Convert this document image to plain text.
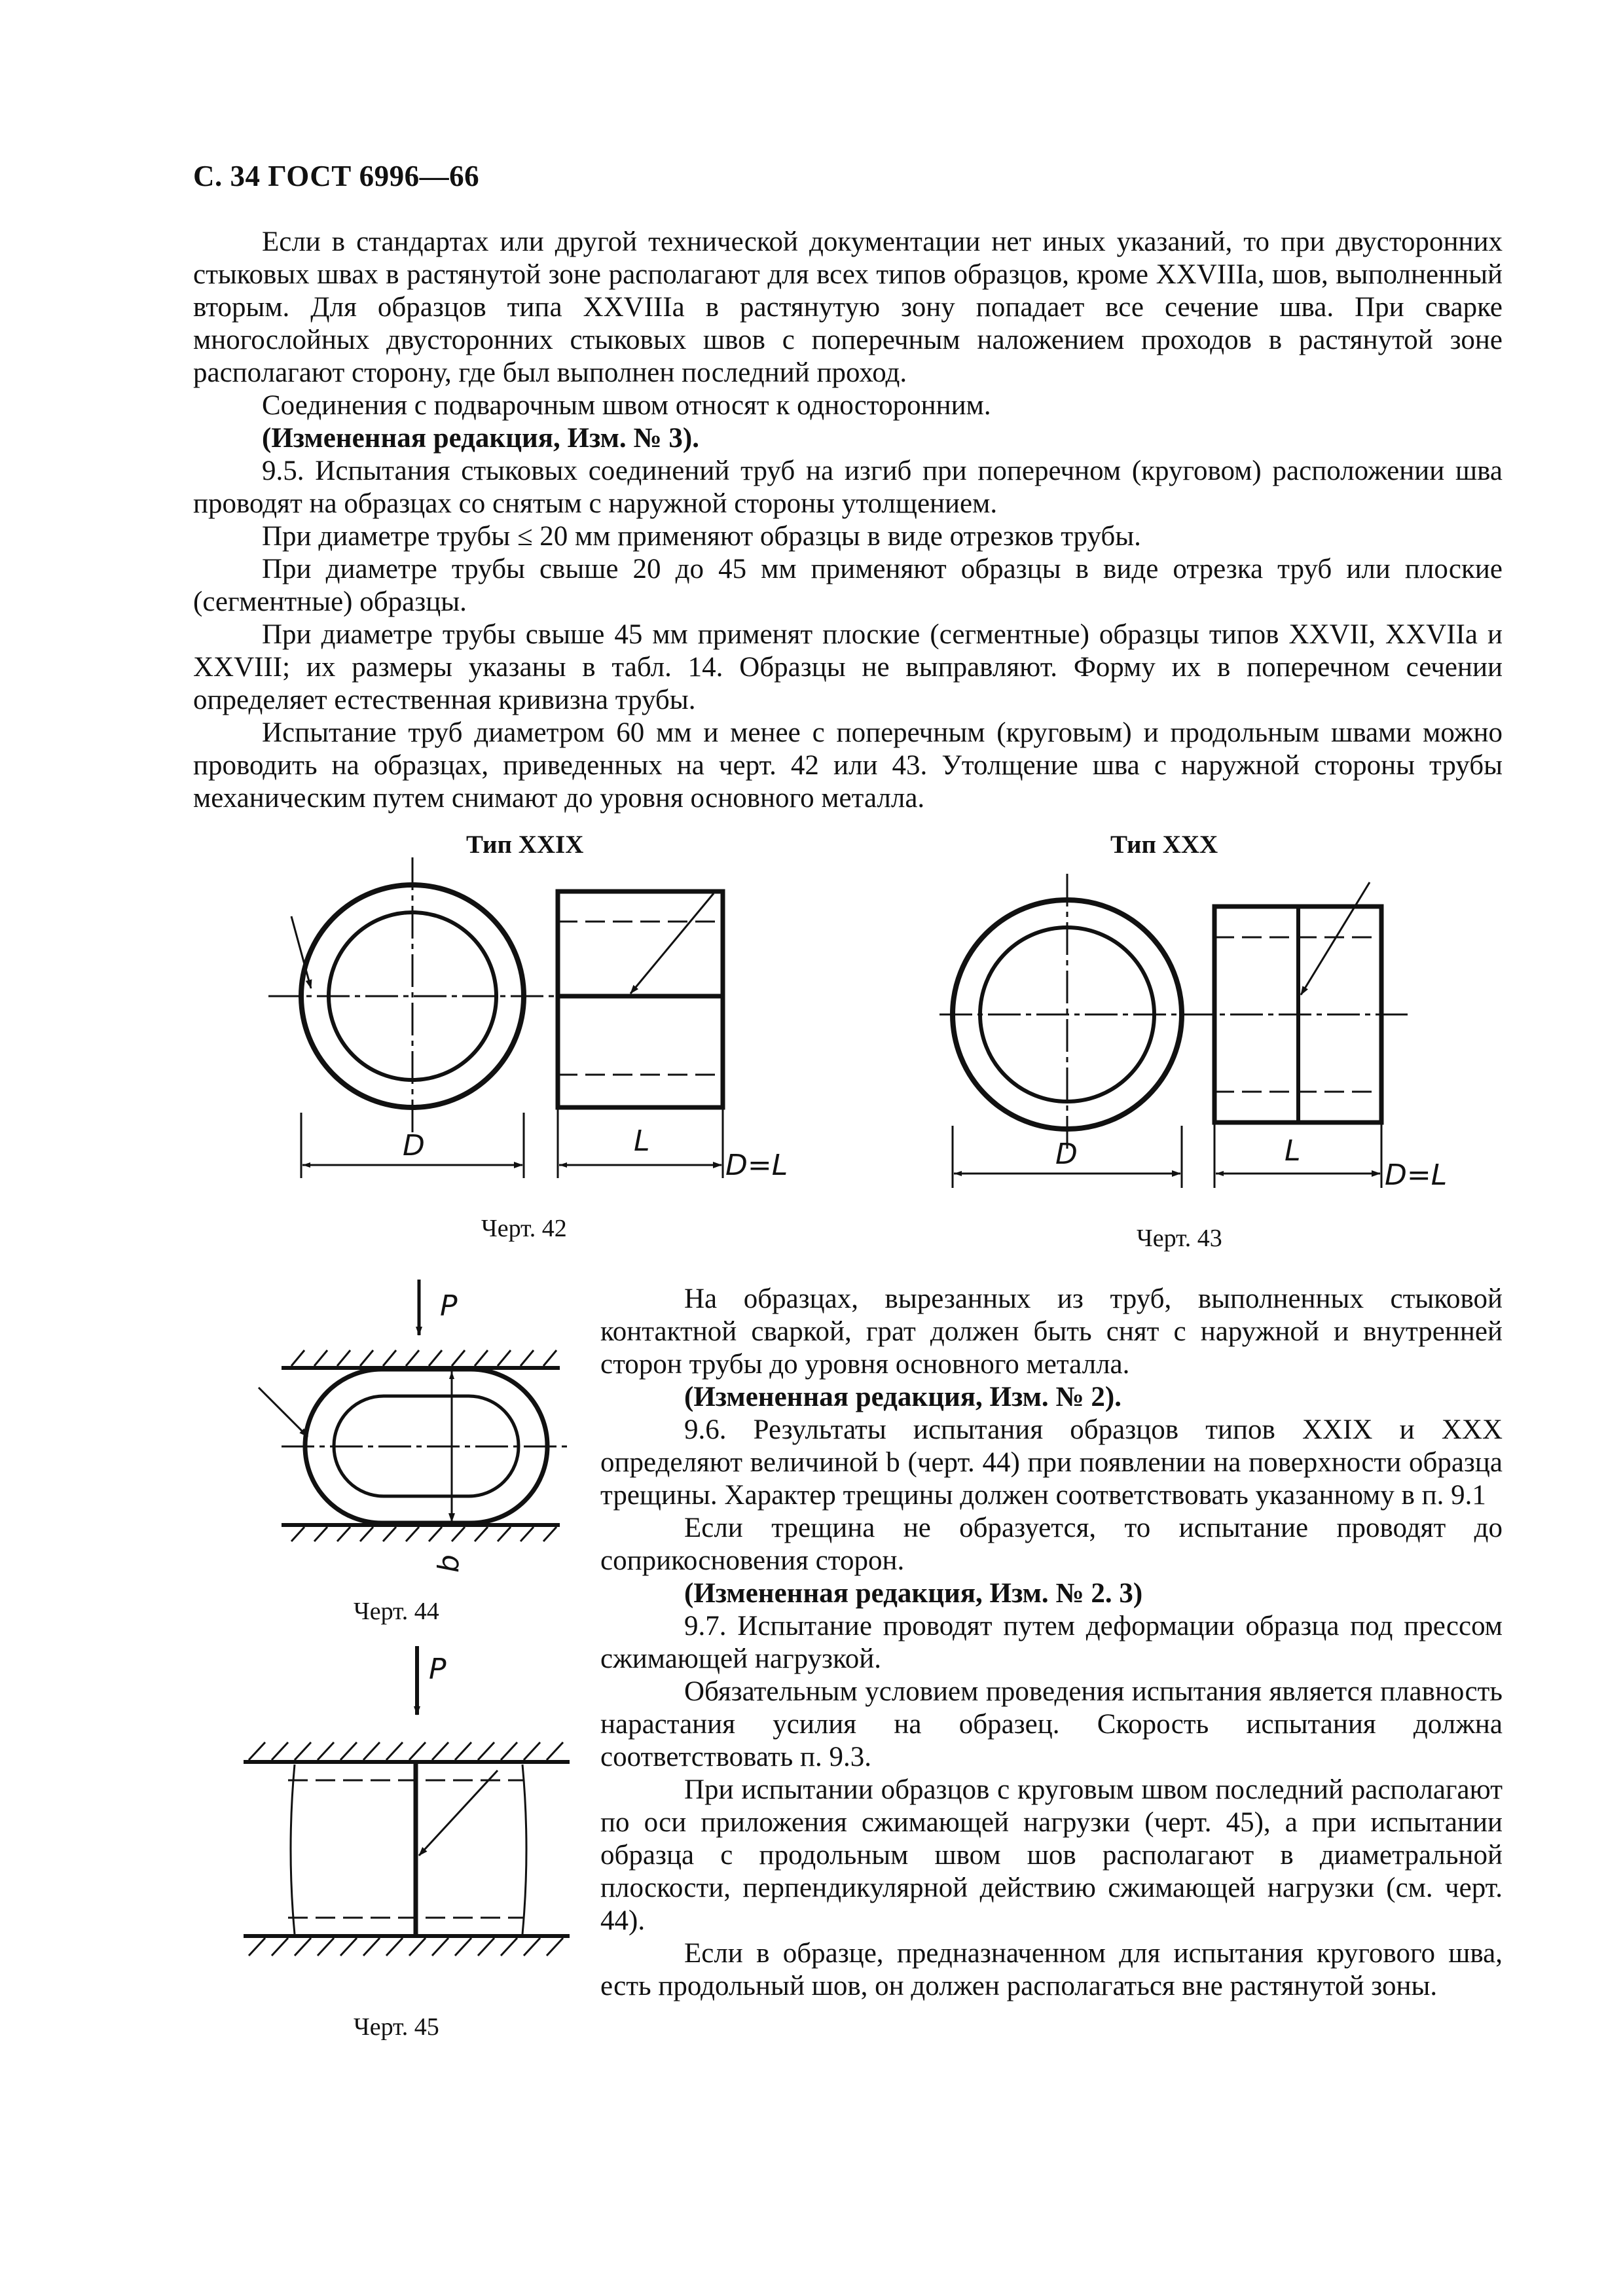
С. 34 ГОСТ 6996—66

Если в стандартах или другой технической документации нет иных указаний, то при двусторонних стыковых швах в растянутой зоне располагают для всех типов образцов, кроме XXVIIIа, шов, выполненный вторым. Для образцов типа XXVIIIа в растянутую зону попадает все сечение шва. При сварке многослойных двусторонних стыковых швов с поперечным наложением проходов в растянутой зоне располагают сторону, где был выполнен последний проход.

Соединения с подварочным швом относят к односторонним.

(Измененная редакция, Изм. № 3).

9.5. Испытания стыковых соединений труб на изгиб при поперечном (круговом) расположении шва проводят на образцах со снятым с наружной стороны утолщением.

При диаметре трубы ≤ 20 мм применяют образцы в виде отрезков трубы.

При диаметре трубы свыше 20 до 45 мм применяют образцы в виде отрезка труб или плоские (сегментные) образцы.

При диаметре трубы свыше 45 мм применят плоские (сегментные) образцы типов XXVII, XXVIIа и XXVIII; их размеры указаны в табл. 14. Образцы не выправляют. Форму их в поперечном сечении определяет естественная кривизна трубы.

Испытание труб диаметром 60 мм и менее с поперечным (круговым) и продольным швами можно проводить на образцах, приведенных на черт. 42 или 43. Утолщение шва с наружной стороны трубы механическим путем снимают до уровня основного металла.

Тип XXIX	Тип XXX
Черт. 42	Черт. 43
Черт. 44
Черт. 45
D	L
D=L	D	L
D=L
P
b
P

На образцах, вырезанных из труб, выполненных стыковой контактной сваркой, грат должен быть снят с наружной и внутренней сторон трубы до уровня основного металла.

(Измененная редакция, Изм. № 2).

9.6. Результаты испытания образцов типов XXIX и XXX определяют величиной b (черт. 44) при появлении на поверхности образца трещины. Характер трещины должен соответствовать указанному в п. 9.1

Если трещина не образуется, то испытание проводят до соприкосновения сторон.

(Измененная редакция, Изм. № 2. 3)

9.7. Испытание проводят путем деформации образца под прессом сжимающей нагрузкой.

Обязательным условием проведения испытания является плавность нарастания усилия на образец. Скорость испытания должна соответствовать п. 9.3.

При испытании образцов с круговым швом последний располагают по оси приложения сжимающей нагрузки (черт. 45), а при испытании образца с продольным швом шов располагают в диаметральной плоскости, перпендикулярной действию сжимающей нагрузки (см. черт. 44).

Если в образце, предназначенном для испытания кругового шва, есть продольный шов, он должен располагаться вне растянутой зоны.
